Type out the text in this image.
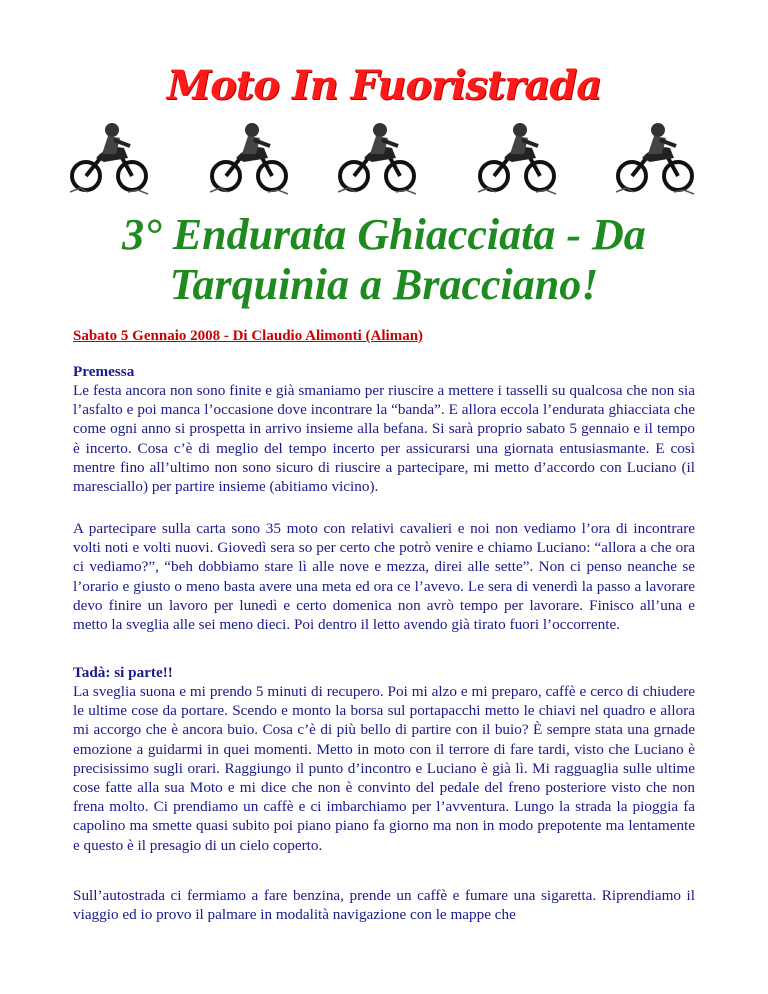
Moto In Fuoristrada
3° Endurata Ghiacciata - Da
Tarquinia a Bracciano!
Sabato 5 Gennaio 2008 - Di Claudio Alimonti (Aliman)

Premessa

Le festa ancora non sono finite e già smaniamo per riuscire a mettere i tasselli su qualcosa che non sia l’asfalto e poi manca l’occasione dove incontrare la “banda”. E allora eccola l’endurata ghiacciata che come ogni anno si prospetta in arrivo insieme alla befana. Si sarà proprio sabato 5 gennaio e il tempo è incerto. Cosa c’è di meglio del tempo incerto per assicurarsi una giornata entusiasmante. E così mentre fino all’ultimo non sono sicuro di riuscire a partecipare, mi metto d’accordo con Luciano (il maresciallo) per partire insieme (abitiamo vicino).

A partecipare sulla carta sono 35 moto con relativi cavalieri e noi non vediamo l’ora di incontrare volti noti e volti nuovi. Giovedì sera so per certo che potrò venire e chiamo Luciano: “allora a che ora ci vediamo?”, “beh dobbiamo stare lì alle nove e mezza, direi alle sette”. Non ci penso neanche se l’orario e giusto o meno basta avere una meta ed ora ce l’avevo. Le sera di venerdì la passo a lavorare devo finire un lavoro per lunedì e certo domenica non avrò tempo per lavorare. Finisco all’una e metto la sveglia alle sei meno dieci. Poi dentro il letto avendo già tirato fuori l’occorrente.

Tadà: si parte!!

La sveglia suona e mi prendo 5 minuti di recupero. Poi mi alzo e mi preparo, caffè e cerco di chiudere le ultime cose da portare. Scendo e monto la borsa sul portapacchi metto le chiavi nel quadro e allora mi accorgo che è ancora buio. Cosa c’è di più bello di partire con il buio? È sempre stata una grnade emozione a guidarmi in quei momenti. Metto in moto con il terrore di fare tardi, visto che Luciano è precisissimo sugli orari. Raggiungo il punto d’incontro e Luciano è già lì. Mi ragguaglia sulle ultime cose fatte alla sua Moto e mi dice che non è convinto del pedale del freno posteriore visto che non frena molto. Ci prendiamo un caffè e ci imbarchiamo per l’avventura. Lungo la strada la pioggia fa capolino ma smette quasi subito poi piano piano fa giorno ma non in modo prepotente ma lentamente e questo è il presagio di un cielo coperto.

Sull’autostrada ci fermiamo a fare benzina, prende un caffè e fumare una sigaretta. Riprendiamo il viaggio ed io provo il palmare in modalità navigazione con le mappe che
